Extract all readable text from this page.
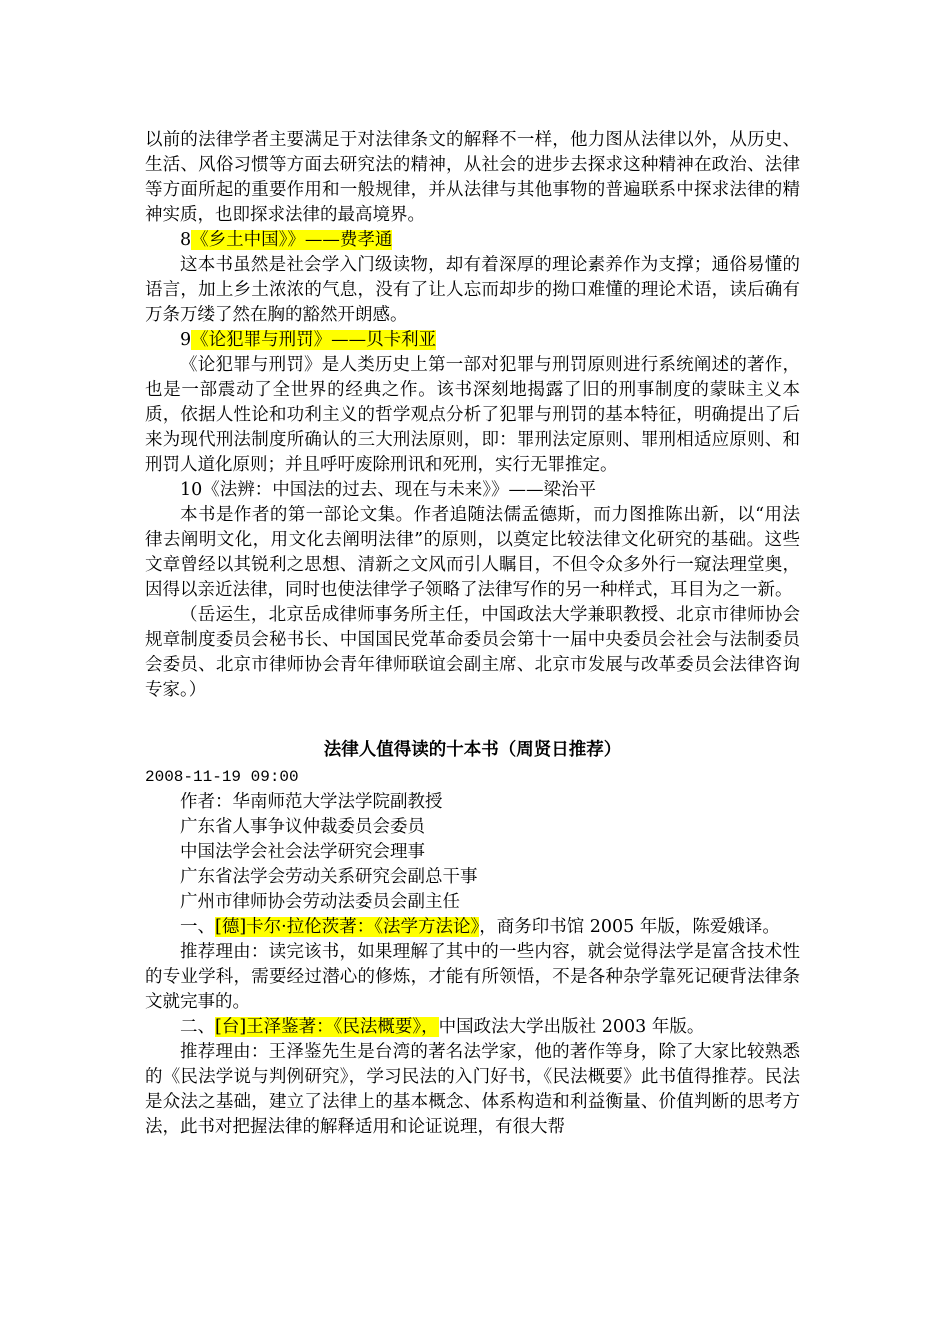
以前的法律学者主要满足于对法律条文的解释不一样，他力图从法律以外，从历史、生活、风俗习惯等方面去研究法的精神，从社会的进步去探求这种精神在政治、法律等方面所起的重要作用和一般规律，并从法律与其他事物的普遍联系中探求法律的精神实质，也即探求法律的最高境界。

8《乡土中国》》——费孝通

这本书虽然是社会学入门级读物，却有着深厚的理论素养作为支撑；通俗易懂的语言，加上乡土浓浓的气息，没有了让人忘而却步的拗口难懂的理论术语，读后确有万条万缕了然在胸的豁然开朗感。

9《论犯罪与刑罚》——贝卡利亚

《论犯罪与刑罚》是人类历史上第一部对犯罪与刑罚原则进行系统阐述的著作，也是一部震动了全世界的经典之作。该书深刻地揭露了旧的刑事制度的蒙昧主义本质，依据人性论和功利主义的哲学观点分析了犯罪与刑罚的基本特征，明确提出了后来为现代刑法制度所确认的三大刑法原则，即：罪刑法定原则、罪刑相适应原则、和刑罚人道化原则；并且呼吁废除刑讯和死刑，实行无罪推定。

10《法辨：中国法的过去、现在与未来》》——梁治平

本书是作者的第一部论文集。作者追随法儒孟德斯，而力图推陈出新，以“用法律去阐明文化，用文化去阐明法律”的原则，以奠定比较法律文化研究的基础。这些文章曾经以其锐利之思想、清新之文风而引人瞩目，不但令众多外行一窥法理堂奥，因得以亲近法律，同时也使法律学子领略了法律写作的另一种样式，耳目为之一新。

（岳运生，北京岳成律师事务所主任，中国政法大学兼职教授、北京市律师协会规章制度委员会秘书长、中国国民党革命委员会第十一届中央委员会社会与法制委员会委员、北京市律师协会青年律师联谊会副主席、北京市发展与改革委员会法律咨询专家。）

法律人值得读的十本书（周贤日推荐）

2008-11-19 09:00

作者：华南师范大学法学院副教授

广东省人事争议仲裁委员会委员

中国法学会社会法学研究会理事

广东省法学会劳动关系研究会副总干事

广州市律师协会劳动法委员会副主任

一、[德]卡尔·拉伦茨著：《法学方法论》，商务印书馆 2005 年版，陈爱娥译。

推荐理由：读完该书，如果理解了其中的一些内容，就会觉得法学是富含技术性的专业学科，需要经过潜心的修炼，才能有所领悟，不是各种杂学靠死记硬背法律条文就完事的。

二、[台]王泽鉴著：《民法概要》，中国政法大学出版社 2003 年版。

推荐理由：王泽鉴先生是台湾的著名法学家，他的著作等身，除了大家比较熟悉的《民法学说与判例研究》，学习民法的入门好书，《民法概要》此书值得推荐。民法是众法之基础，建立了法律上的基本概念、体系构造和利益衡量、价值判断的思考方法，此书对把握法律的解释适用和论证说理，有很大帮
